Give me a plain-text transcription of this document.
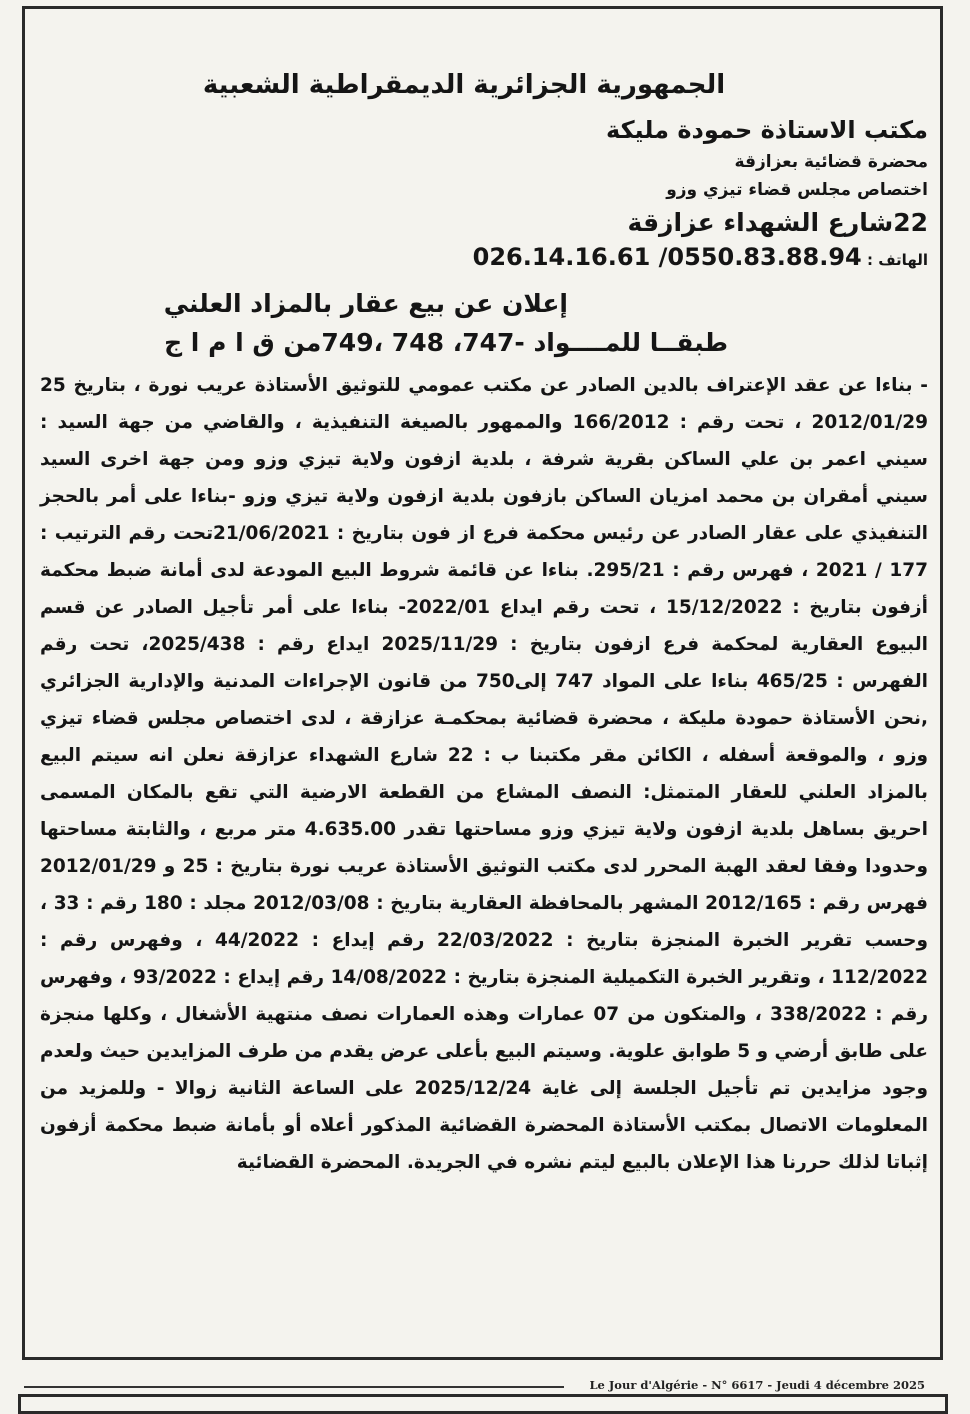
الجمهورية الجزائرية الديمقراطية الشعبية
مكتب الاستاذة حمودة مليكة
محضرة قضائية بعزازقة
اختصاص مجلس قضاء تيزي وزو
22شارع الشهداء عزازقة
الهاتف : 026.14.16.61 /0550.83.88.94
إعلان عن بيع عقار بالمزاد العلني
طبقــا للمــــواد -747، 748 ،749من ق ا م ا ج
- بناءا عن عقد الإعتراف بالدين الصادر عن مكتب عمومي للتوثيق الأستاذة عريب نورة ، بتاريخ 25 2012/01/29 ، تحت رقم : 166/2012 والممهور بالصيغة التنفيذية ، والقاضي من جهة السيد : سيني اعمر بن علي الساكن بقرية شرفة ، بلدية ازفون ولاية تيزي وزو ومن جهة اخرى السيد سيني أمقران بن محمد امزيان الساكن بازفون بلدية ازفون ولاية تيزي وزو -بناءا على أمر بالحجز التنفيذي على عقار الصادر عن رئيس محكمة فرع از فون بتاريخ : 21/06/2021تحت رقم الترتيب : 177 / 2021 ، فهرس رقم : 295/21. بناءا عن قائمة شروط البيع المودعة لدى أمانة ضبط محكمة أزفون بتاريخ : 15/12/2022 ، تحت رقم ايداع 2022/01- بناءا على أمر تأجيل الصادر عن قسم البيوع العقارية لمحكمة فرع ازفون بتاريخ : 2025/11/29 ايداع رقم : 2025/438، تحت رقم الفهرس : 465/25 بناءا على المواد 747 إلى750 من قانون الإجراءات المدنية والإدارية الجزائري ,نحن الأستاذة حمودة مليكة ، محضرة قضائية بمحكمـة عزازقة ، لدى اختصاص مجلس قضاء تيزي وزو ، والموقعة أسفله ، الكائن مقر مكتبنا ب : 22 شارع الشهداء عزازقة نعلن انه سيتم البيع بالمزاد العلني للعقار المتمثل: النصف المشاع من القطعة الارضية التي تقع بالمكان المسمى احريق بساهل بلدية ازفون ولاية تيزي وزو مساحتها تقدر 4.635.00 متر مربع ، والثابتة مساحتها وحدودا وفقا لعقد الهبة المحرر لدى مكتب التوثيق الأستاذة عريب نورة بتاريخ : 25 و 2012/01/29 فهرس رقم : 2012/165 المشهر بالمحافظة العقارية بتاريخ : 2012/03/08 مجلد : 180 رقم : 33 ، وحسب تقرير الخبرة المنجزة بتاريخ : 22/03/2022 رقم إيداع : 44/2022 ، وفهرس رقم : 112/2022 ، وتقرير الخبرة التكميلية المنجزة بتاريخ : 14/08/2022 رقم إيداع : 93/2022 ، وفهرس رقم : 338/2022 ، والمتكون من 07 عمارات وهذه العمارات نصف منتهية الأشغال ، وكلها منجزة على طابق أرضي و 5 طوابق علوية. وسيتم البيع بأعلى عرض يقدم من طرف المزايدين حيث ولعدم وجود مزايدين تم تأجيل الجلسة إلى غاية 2025/12/24 على الساعة الثانية زوالا - وللمزيد من المعلومات الاتصال بمكتب الأستاذة المحضرة القضائية المذكور أعلاه أو بأمانة ضبط محكمة أزفون إثباتا لذلك حررنا هذا الإعلان بالبيع ليتم نشره في الجريدة. المحضرة القضائية
Le Jour d'Algérie - N° 6617 - Jeudi 4 décembre 2025
